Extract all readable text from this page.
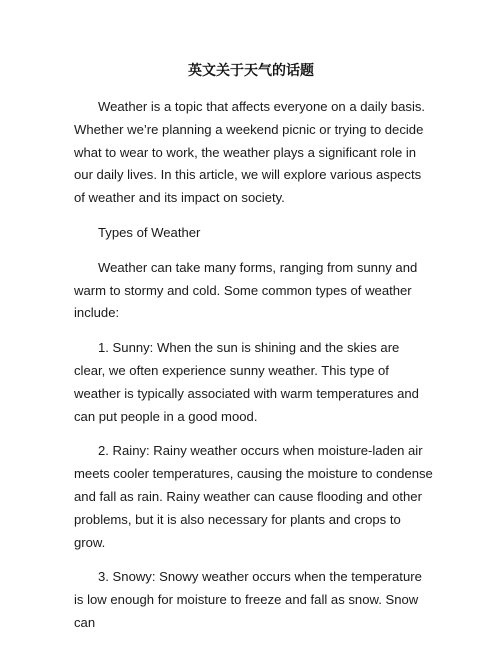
英文关于天气的话题

Weather is a topic that affects everyone on a daily basis. Whether we’re planning a weekend picnic or trying to decide what to wear to work, the weather plays a significant role in our daily lives. In this article, we will explore various aspects of weather and its impact on society.

Types of Weather

Weather can take many forms, ranging from sunny and warm to stormy and cold. Some common types of weather include:

1. Sunny: When the sun is shining and the skies are clear, we often experience sunny weather. This type of weather is typically associated with warm temperatures and can put people in a good mood.

2. Rainy: Rainy weather occurs when moisture-laden air meets cooler temperatures, causing the moisture to condense and fall as rain. Rainy weather can cause flooding and other problems, but it is also necessary for plants and crops to grow.

3. Snowy: Snowy weather occurs when the temperature is low enough for moisture to freeze and fall as snow. Snow can
